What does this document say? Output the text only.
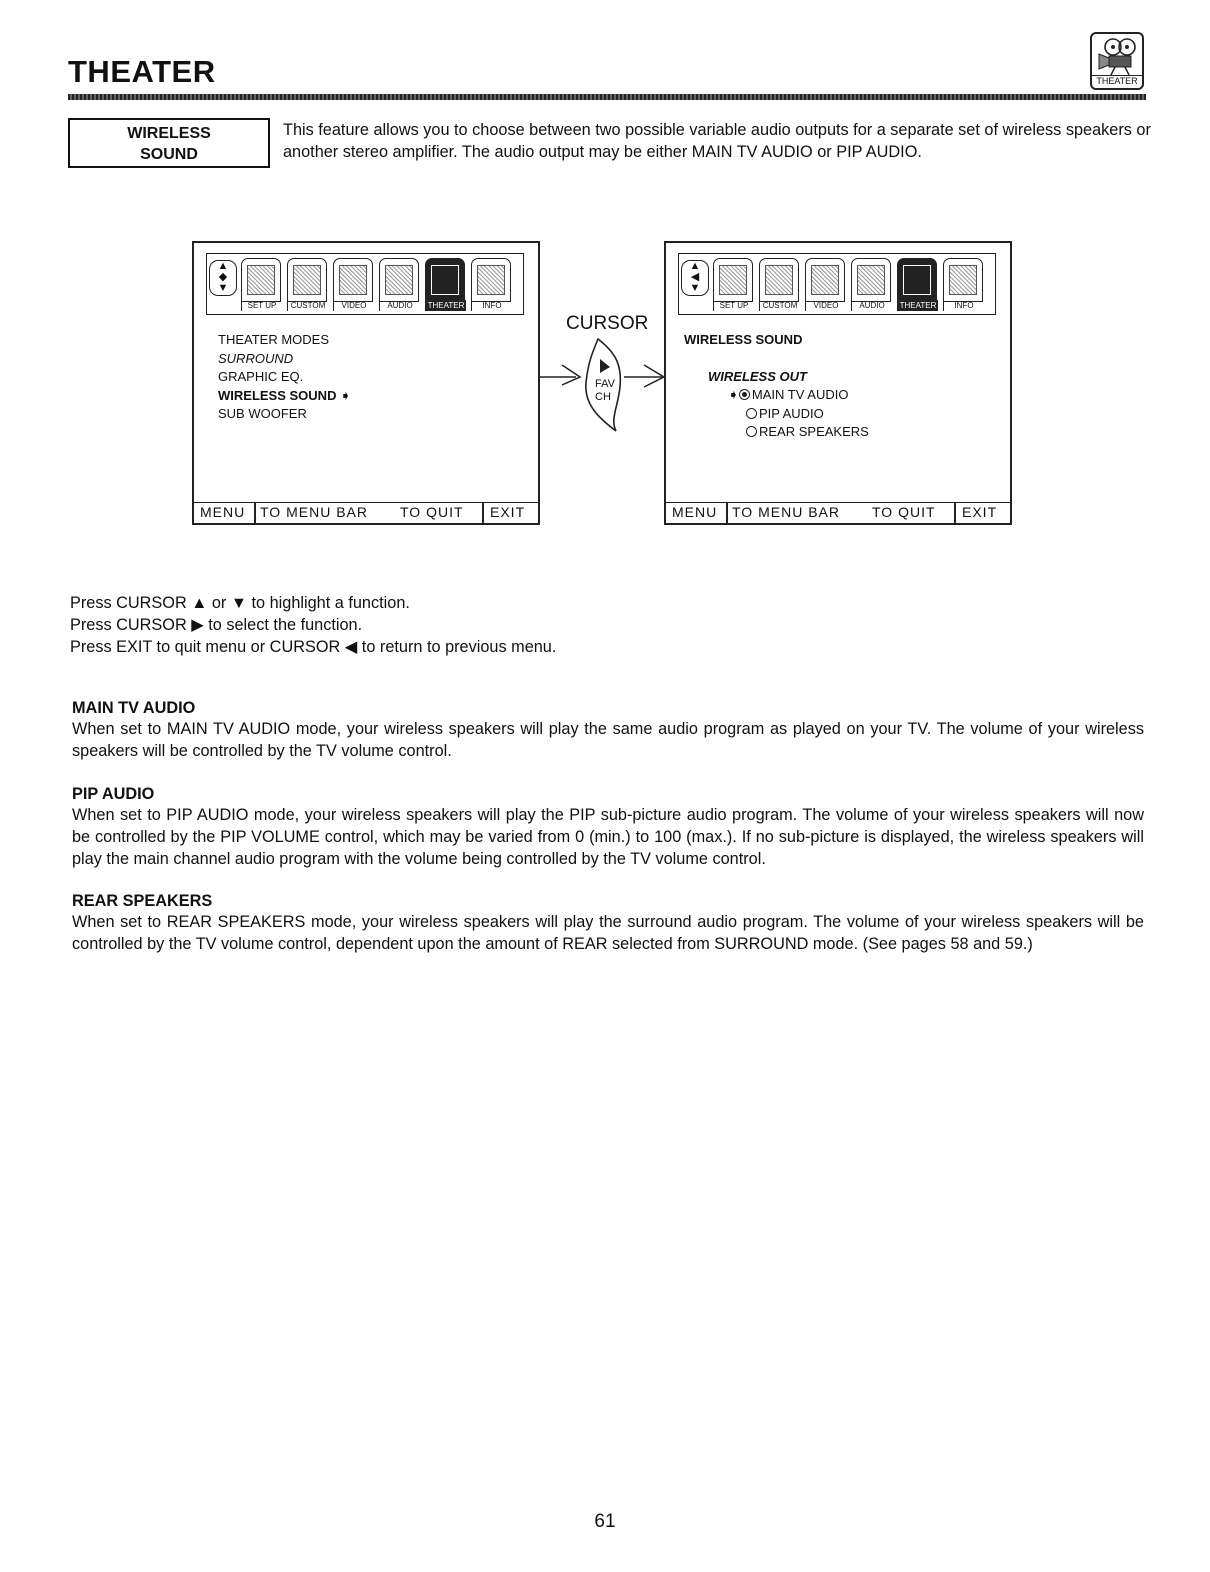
THEATER	THEATER
WIRELESS
SOUND
This feature allows you to choose between two possible variable audio outputs for a separate set of wireless speakers or another stereo amplifier. The audio output may be either MAIN TV AUDIO or PIP AUDIO.
▲
◆
▼
SET UP	CUSTOM	VIDEO	AUDIO	THEATER	INFO
THEATER MODES
SURROUND
GRAPHIC EQ.
WIRELESS SOUND ➧
SUB WOOFER
MENU TO MENU BAR TO QUIT EXIT
CURSOR
FAV
CH
▲
◀
▼
SET UP	CUSTOM	VIDEO	AUDIO	THEATER	INFO
WIRELESS SOUND
WIRELESS OUT
➧ MAIN TV AUDIO
PIP AUDIO
REAR SPEAKERS
MENU TO MENU BAR TO QUIT EXIT
Press CURSOR ▲ or ▼ to highlight a function.
Press CURSOR ▶ to select the function.
Press EXIT to quit menu or CURSOR ◀ to return to previous menu.
MAIN TV AUDIO
When set to MAIN TV AUDIO mode, your wireless speakers will play the same audio program as played on your TV. The volume of your wireless speakers will be controlled by the TV volume control.
PIP AUDIO
When set to PIP AUDIO mode, your wireless speakers will play the PIP sub-picture audio program. The volume of your wireless speakers will now be controlled by the PIP VOLUME control, which may be varied from 0 (min.) to 100 (max.). If no sub-picture is displayed, the wireless speakers will play the main channel audio program with the volume being controlled by the TV volume control.
REAR SPEAKERS
When set to REAR SPEAKERS mode, your wireless speakers will play the surround audio program. The volume of your wireless speakers will be controlled by the TV volume control, dependent upon the amount of REAR selected from SURROUND mode. (See pages 58 and 59.)
61
